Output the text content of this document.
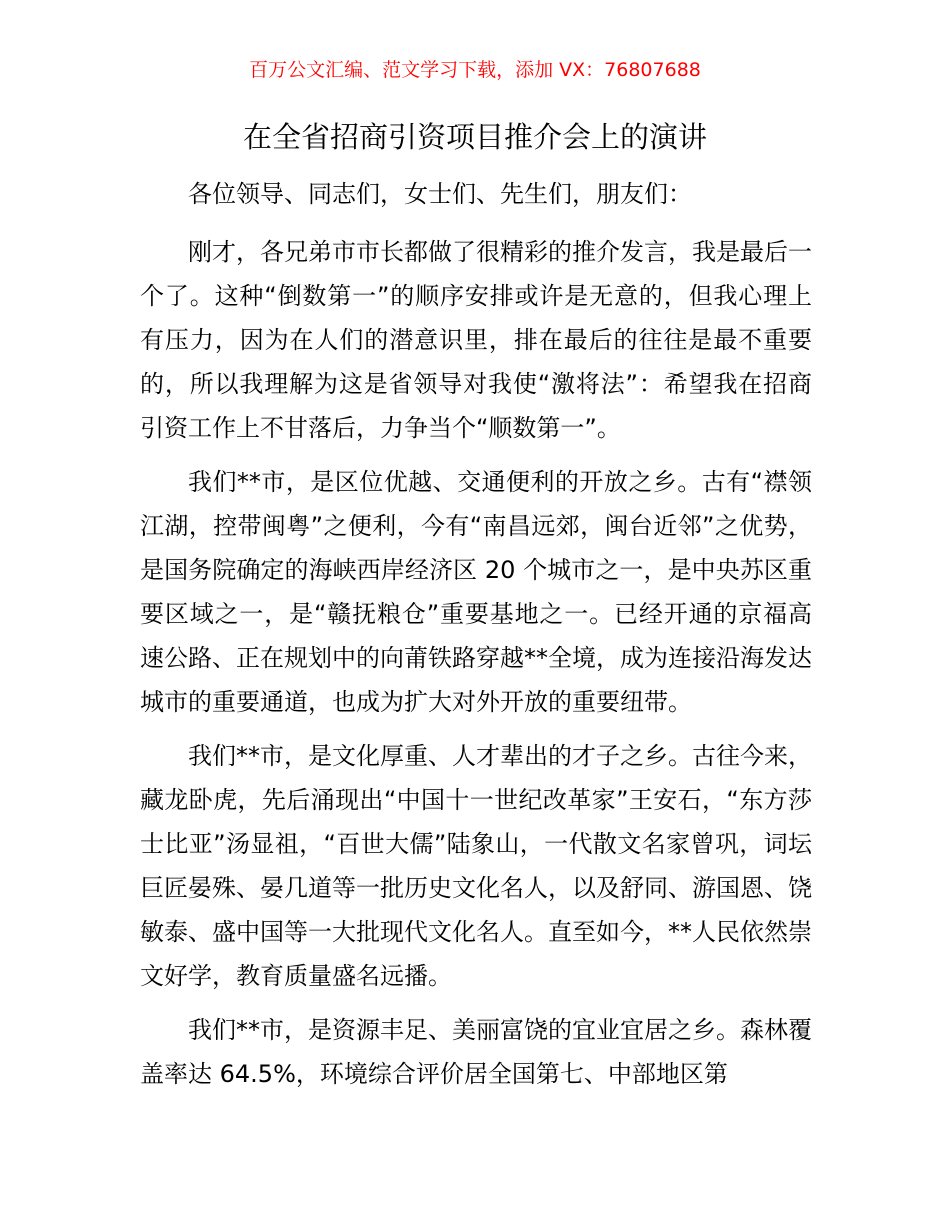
百万公文汇编、范文学习下载，添加 VX：76807688
在全省招商引资项目推介会上的演讲

各位领导、同志们，女士们、先生们，朋友们：

刚才，各兄弟市市长都做了很精彩的推介发言，我是最后一个了。这种“倒数第一”的顺序安排或许是无意的，但我心理上有压力，因为在人们的潜意识里，排在最后的往往是最不重要的，所以我理解为这是省领导对我使“激将法”：希望我在招商引资工作上不甘落后，力争当个“顺数第一”。

我们**市，是区位优越、交通便利的开放之乡。古有“襟领江湖，控带闽粤”之便利，今有“南昌远郊，闽台近邻”之优势，是国务院确定的海峡西岸经济区 20 个城市之一，是中央苏区重要区域之一，是“赣抚粮仓”重要基地之一。已经开通的京福高速公路、正在规划中的向莆铁路穿越**全境，成为连接沿海发达城市的重要通道，也成为扩大对外开放的重要纽带。

我们**市，是文化厚重、人才辈出的才子之乡。古往今来，藏龙卧虎，先后涌现出“中国十一世纪改革家”王安石，“东方莎士比亚”汤显祖，“百世大儒”陆象山，一代散文名家曾巩，词坛巨匠晏殊、晏几道等一批历史文化名人，以及舒同、游国恩、饶敏泰、盛中国等一大批现代文化名人。直至如今，**人民依然崇文好学，教育质量盛名远播。

我们**市，是资源丰足、美丽富饶的宜业宜居之乡。森林覆盖率达 64.5%，环境综合评价居全国第七、中部地区第
